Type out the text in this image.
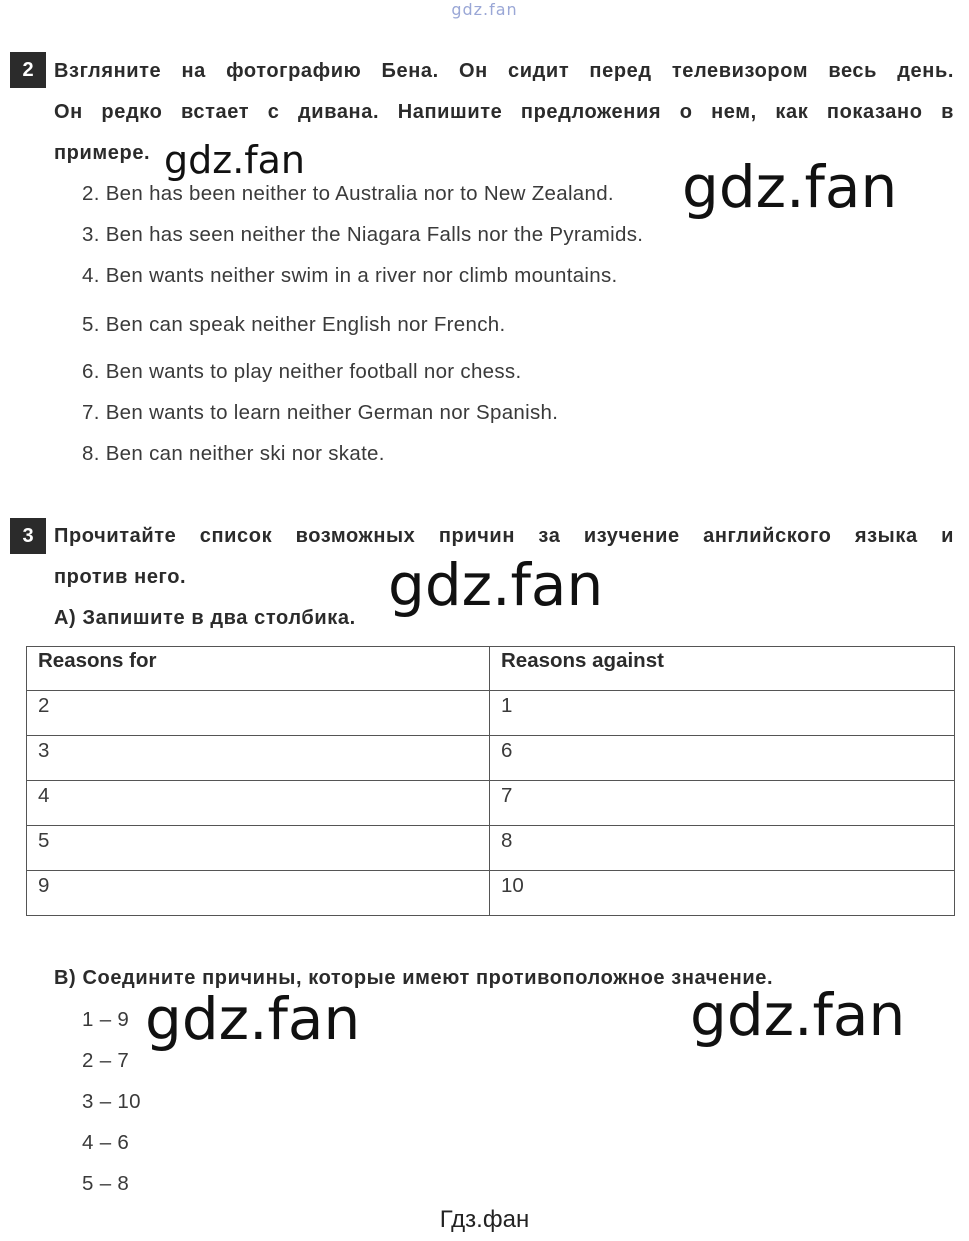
gdz.fan
2	Взгляните на фотографию Бена. Он сидит перед телевизором весь день.
Он редко встает с дивана. Напишите предложения о нем, как показано в
примере.
2. Ben has been neither to Australia nor to New Zealand.
3. Ben has seen neither the Niagara Falls nor the Pyramids.
4. Ben wants neither swim in a river nor climb mountains.
5. Ben can speak neither English nor French.
6. Ben wants to play neither football nor chess.
7. Ben wants to learn neither German nor Spanish.
8. Ben can neither ski nor skate.
3	Прочитайте список возможных причин за изучение английского языка и
против него.
А) Запишите в два столбика.
Reasons for	Reasons against
2	1
3	6
4	7
5	8
9	10
B) Соедините причины, которые имеют противоположное значение.
1 – 9
2 – 7
3 – 10
4 – 6
5 – 8
gdz.fan	gdz.fan
gdz.fan
gdz.fan	gdz.fan
Гдз.фан
